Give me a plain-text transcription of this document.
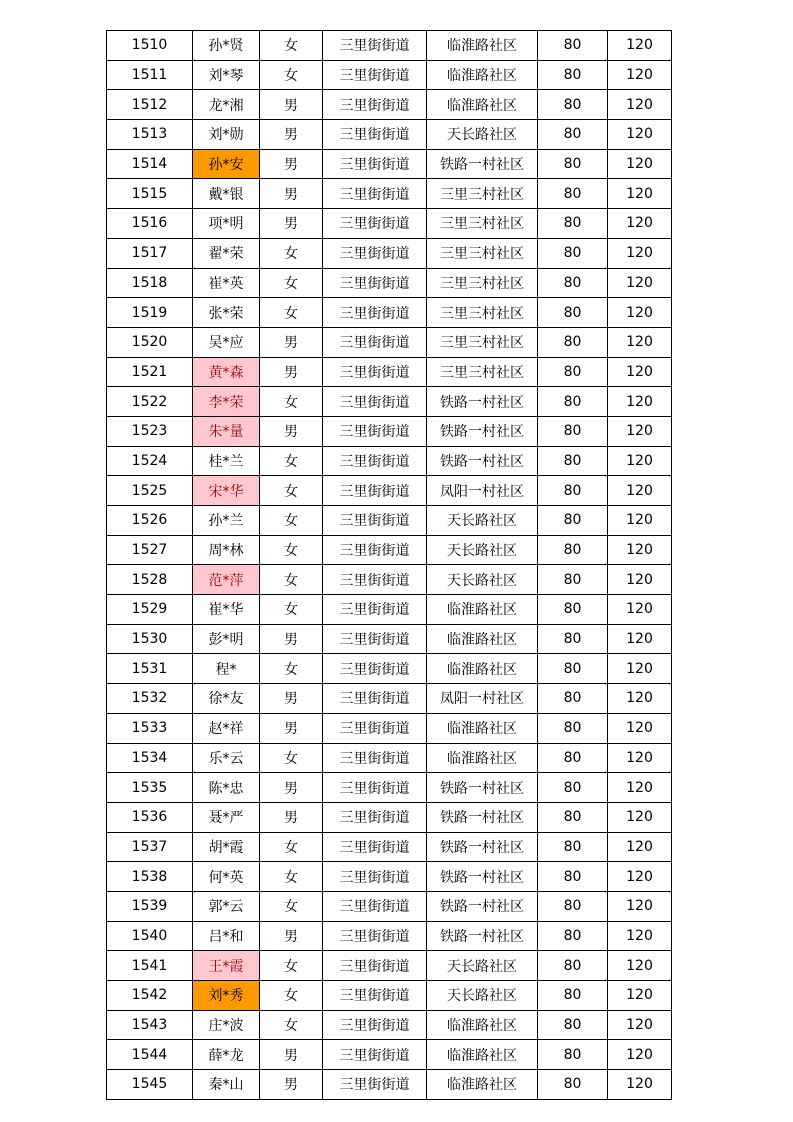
1510	孙*贤	女	三里街街道	临淮路社区	80	120
1511	刘*琴	女	三里街街道	临淮路社区	80	120
1512	龙*湘	男	三里街街道	临淮路社区	80	120
1513	刘*勋	男	三里街街道	天长路社区	80	120
1514	孙*安	男	三里街街道	铁路一村社区	80	120
1515	戴*银	男	三里街街道	三里三村社区	80	120
1516	项*明	男	三里街街道	三里三村社区	80	120
1517	翟*荣	女	三里街街道	三里三村社区	80	120
1518	崔*英	女	三里街街道	三里三村社区	80	120
1519	张*荣	女	三里街街道	三里三村社区	80	120
1520	吴*应	男	三里街街道	三里三村社区	80	120
1521	黄*森	男	三里街街道	三里三村社区	80	120
1522	李*荣	女	三里街街道	铁路一村社区	80	120
1523	朱*量	男	三里街街道	铁路一村社区	80	120
1524	桂*兰	女	三里街街道	铁路一村社区	80	120
1525	宋*华	女	三里街街道	凤阳一村社区	80	120
1526	孙*兰	女	三里街街道	天长路社区	80	120
1527	周*林	女	三里街街道	天长路社区	80	120
1528	范*萍	女	三里街街道	天长路社区	80	120
1529	崔*华	女	三里街街道	临淮路社区	80	120
1530	彭*明	男	三里街街道	临淮路社区	80	120
1531	程*	女	三里街街道	临淮路社区	80	120
1532	徐*友	男	三里街街道	凤阳一村社区	80	120
1533	赵*祥	男	三里街街道	临淮路社区	80	120
1534	乐*云	女	三里街街道	临淮路社区	80	120
1535	陈*忠	男	三里街街道	铁路一村社区	80	120
1536	聂*严	男	三里街街道	铁路一村社区	80	120
1537	胡*霞	女	三里街街道	铁路一村社区	80	120
1538	何*英	女	三里街街道	铁路一村社区	80	120
1539	郭*云	女	三里街街道	铁路一村社区	80	120
1540	吕*和	男	三里街街道	铁路一村社区	80	120
1541	王*霞	女	三里街街道	天长路社区	80	120
1542	刘*秀	女	三里街街道	天长路社区	80	120
1543	庄*波	女	三里街街道	临淮路社区	80	120
1544	薛*龙	男	三里街街道	临淮路社区	80	120
1545	秦*山	男	三里街街道	临淮路社区	80	120
